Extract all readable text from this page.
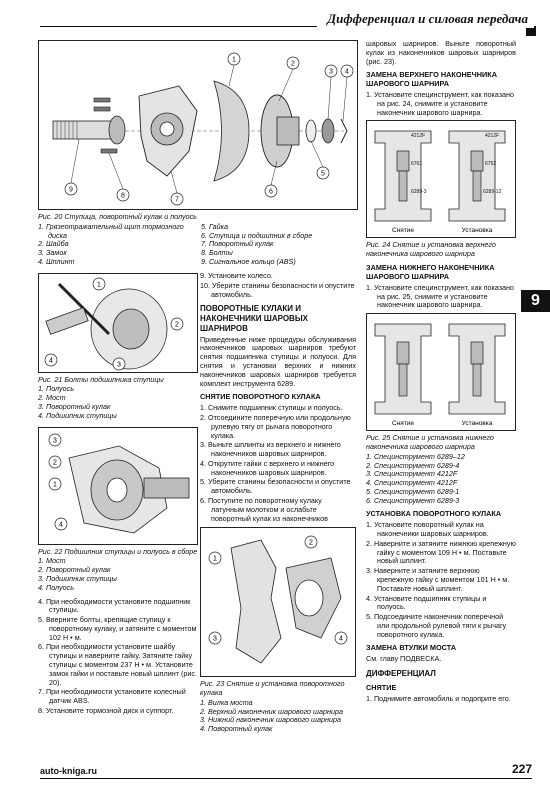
Дифференциал и силовая передача
9
2
3 4
5
6
7
8
9
1
Рис. 20 Ступица, поворотный кулак и полуось
1. Грязеотражательный щит тормозного диска
2. Шайба
3. Замок
4. Шплинт
5. Гайка
6. Ступица и подшипник в сборе
7. Поворотный кулак
8. Болты
9. Сигнальное кольцо (ABS)
1
2
4
3
Рис. 21 Болты подшипника ступицы
1. Полуось
2. Мост
3. Поворотный кулак
4. Подшипник ступицы
3
2
1
4
Рис. 22 Подшипник ступицы и полуось в сборе
1. Мост
2. Поворотный кулак
3. Подшипник ступицы
4. Полуось
4. При необходимости установите подшипник ступицы.
5. Вверните болты, крепящие ступицу к поворотному кулаку, и затяните с моментом 102 Н • м.
6. При необходимости установите шайбу ступицы и наверните гайку. Затяните гайку ступицы с моментом 237 Н • м. Установите замок гайки и поставьте новый шплинт (рис. 20).
7. При необходимости установите колесный датчик ABS.
8. Установите тормозной диск и суппорт.
9. Установите колесо.
10. Уберите станины безопасности и опустите автомобиль.
ПОВОРОТНЫЕ КУЛАКИ И НАКОНЕЧНИКИ ШАРОВЫХ ШАРНИРОВ

Приведенные ниже процедуры обслуживания наконечников шаровых шарниров требуют снятия подшипника ступицы и полуоси. Для снятия и установки верхних и нижних наконечников шаровых шарниров требуется комплект инструмента 6289.

СНЯТИЕ ПОВОРОТНОГО КУЛАКА
1. Снимите подшипник ступицы и полуось.
2. Отсоедините поперечную или продольную рулевую тягу от рычага поворотного кулака.
3. Выньте шплинты из верхнего и нижнего наконечников шаровых шарниров.
4. Открутите гайки с верхнего и нижнего наконечников шаровых шарниров.
5. Уберите станины безопасности и опустите автомобиль.
6. Поступите по поворотному кулаку латунным молотком и ослабьте поворотный кулак из наконечников
1
2
3	4
Рис. 23 Снятие и установка поворотного кулака
1. Вилка моста
2. Верхний наконечник шарового шарнира
3. Нижний наконечник шарового шарнира
4. Поворотный кулак

шаровых шарниров. Выньте поворотный кулак из наконечников шаровых шарниров (рис. 23).

ЗАМЕНА ВЕРХНЕГО НАКОНЕЧНИКА ШАРОВОГО ШАРНИРА
1. Установите специнструмент, как показано на рис. 24, снимите и установите наконечник шарового шарнира.
4212F
6761
6289-3
4212F
6752
6289-12
Снятие	Установка
Рис. 24 Снятие и установка верхнего наконечника шарового шарнира
ЗАМЕНА НИЖНЕГО НАКОНЕЧНИКА ШАРОВОГО ШАРНИРА
1. Установите специнструмент, как показано на рис. 25, снимите и установите наконечник шарового шарнира.
Снятие	Установка
Рис. 25 Снятие и установка нижнего наконечника шарового шарнира
1. Специнструмент 6289–12
2. Специнструмент 6289-4
3. Специнструмент 4212F
4. Специнструмент 4212F
5. Специнструмент 6289-1
6. Специнструмент 6289-3
УСТАНОВКА ПОВОРОТНОГО КУЛАКА
1. Установите поворотный кулак на наконечники шаровых шарниров.
2. Наверните и затяните нижнюю крепежную гайку с моментом 109 Н • м. Поставьте новый шплинт.
3. Наверните и затяните верхнюю крепежную гайку с моментом 101 Н • м. Поставьте новый шплинт.
4. Установите подшипник ступицы и полуось.
5. Подсоедините наконечник поперечной или продольной рулевой тяги к рычагу поворотного кулака.
ЗАМЕНА ВТУЛКИ МОСТА

См. главу ПОДВЕСКА.

ДИФФЕРЕНЦИАЛ
СНЯТИЕ
1. Поднимите автомобиль и подоприте его.
auto-kniga.ru	227
